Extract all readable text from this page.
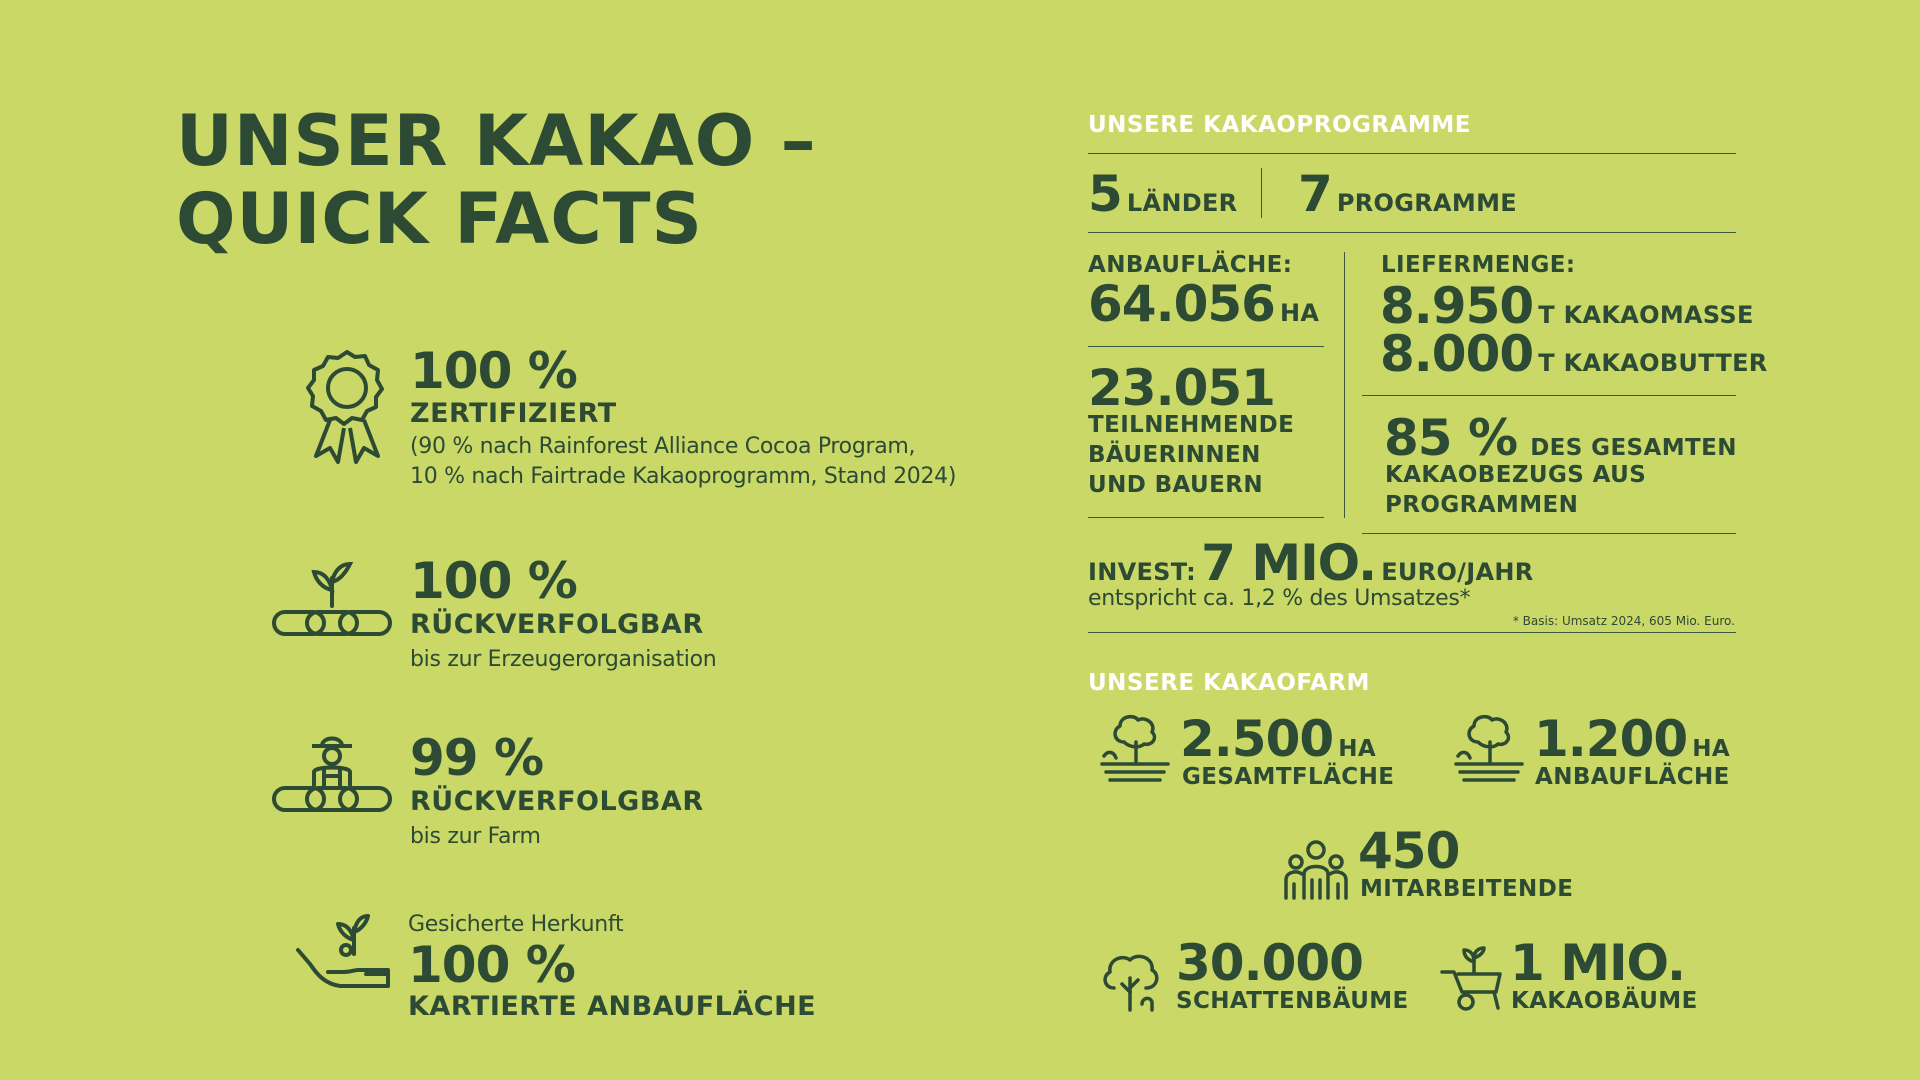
UNSER KAKAO –
QUICK FACTS
100 %
ZERTIFIZIERT
(90 % nach Rainforest Alliance Cocoa Program,
10 % nach Fairtrade Kakaoprogramm, Stand 2024)
100 %
RÜCKVERFOLGBAR
bis zur Erzeugerorganisation
99 %
RÜCKVERFOLGBAR
bis zur Farm
Gesicherte Herkunft
100 %
KARTIERTE ANBAUFLÄCHE
UNSERE KAKAOPROGRAMME
5 LÄNDER 7 PROGRAMME
ANBAUFLÄCHE:
64.056 HA
23.051
TEILNEHMENDE
BÄUERINNEN
UND BAUERN
LIEFERMENGE:
8.950 T KAKAOMASSE
8.000 T KAKAOBUTTER
85 % DES GESAMTEN
KAKAOBEZUGS AUS
PROGRAMMEN
INVEST: 7 MIO. EURO/JAHR
entspricht ca. 1,2 % des Umsatzes*
* Basis: Umsatz 2024, 605 Mio. Euro.
UNSERE KAKAOFARM
2.500 HA
GESAMTFLÄCHE
1.200 HA
ANBAUFLÄCHE
450
MITARBEITENDE
30.000
SCHATTENBÄUME
1 MIO.
KAKAOBÄUME
